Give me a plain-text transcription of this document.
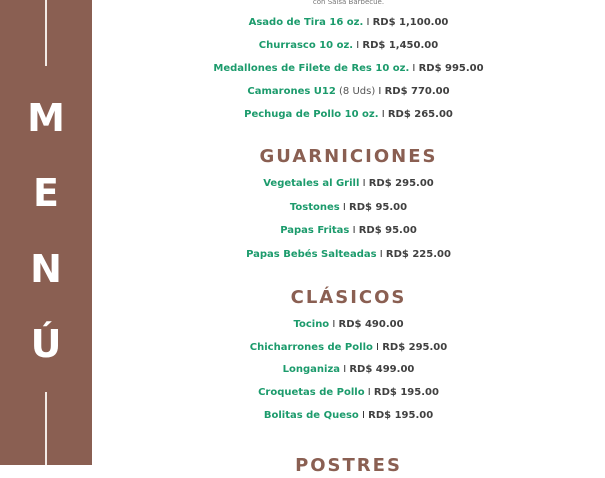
M
E
N
Ú
con Salsa Barbecue.
Asado de Tira 16 oz. I RD$ 1,100.00
Churrasco 10 oz. I RD$ 1,450.00
Medallones de Filete de Res 10 oz. I RD$ 995.00
Camarones U12 (8 Uds) I RD$ 770.00
Pechuga de Pollo 10 oz. I RD$ 265.00
GUARNICIONES
Vegetales al Grill I RD$ 295.00
Tostones I RD$ 95.00
Papas Fritas I RD$ 95.00
Papas Bebés Salteadas I RD$ 225.00
CLÁSICOS
Tocino I RD$ 490.00
Chicharrones de Pollo I RD$ 295.00
Longaniza I RD$ 499.00
Croquetas de Pollo I RD$ 195.00
Bolitas de Queso I RD$ 195.00
POSTRES
